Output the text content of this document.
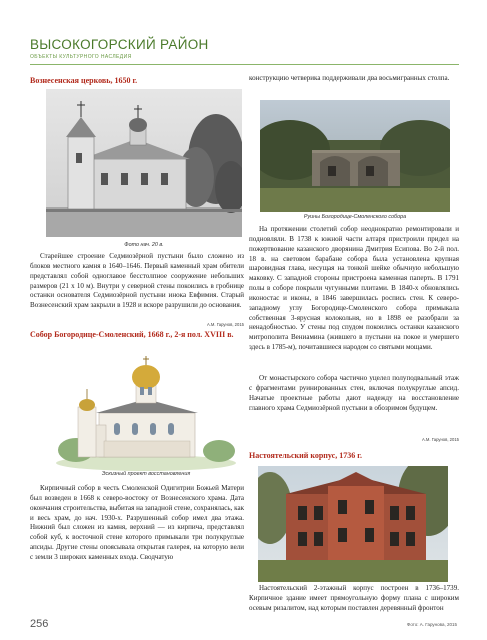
ВЫСОКОГОРСКИЙ РАЙОН
ОБЪЕКТЫ КУЛЬТУРНОГО НАСЛЕДИЯ
Вознесенская церковь, 1650 г.
Фото нач. 20 в.
Старейшее строение Седмиозёрной пустыни было сложено из блоков местного камня в 1640–1646. Первый каменный храм обители представлял собой одноглавое бесстолпное сооружение небольших размеров (21 х 10 м). Внутри у северной стены покоились в гробнице останки основателя Седмиозёрной пустыни инока Евфимия. Старый Вознесенский храм закрыли в 1928 и вскоре разрушили до основания.
А.М. Гарунов, 2015
Собор Богородице-Смоленский, 1668 г., 2-я пол. XVIII в.
Эскизный проект восстановления
Кирпичный собор в честь Смоленской Одигитрии Божьей Матери был возведен в 1668 к северо-востоку от Вознесенского храма. Дата окончания строительства, выбитая на западной стене, сохранялась, как и весь храм, до нач. 1930-х. Разрушенный собор имел два этажа. Нижний был сложен из камня, верхний — из кирпича, представлял собой куб, к восточной стене которого примыкали три полукруглые апсиды. Другие стены опоясывала открытая галерея, на которую вели с земли 3 широких каменных входа. Сводчатую
конструкцию четверика поддерживали два восьмигранных столпа.
Руины Богородице-Смоленского собора
На протяжении столетий собор неоднократно ремонтировали и подновляли. В 1738 к южной части алтаря пристроили придел на пожертвование казанского дворянина Дмитрия Есипова. Во 2-й пол. 18 в. на световом барабане собора была установлена крупная шаровидная глава, несущая на тонкой шейке обычную небольшую маковку. С западной стороны пристроена каменная паперть. В 1791 полы в соборе покрыли чугунными плитами. В 1840-х обновлялись иконостас и иконы, в 1846 завершилась роспись стен. К северо-западному углу Богородице-Смоленского собора примыкала собственная 3-ярусная колокольня, но в 1898 ее разобрали за ненадобностью. У стены под спудом покоились останки казанского митрополита Вениамина (жившего в пустыни на покое и умершего здесь в 1785-м), почитавшиеся народом со святыми мощами.
От монастырского собора частично уцелел полуподвальный этаж с фрагментами руинированных стен, включая полукруглые апсид. Начатые проектные работы дают надежду на восстановление главного храма Седмиозёрной пустыни в обозримом будущем.
А.М. Гарунов, 2015
Настоятельский корпус, 1736 г.
Настоятельский 2-этажный корпус построен в 1736–1739. Кирпичное здание имеет прямоугольную форму плана с широким осевым ризалитом, над которым поставлен деревянный фронтон
256	Фото: А. Гарунова, 2015
